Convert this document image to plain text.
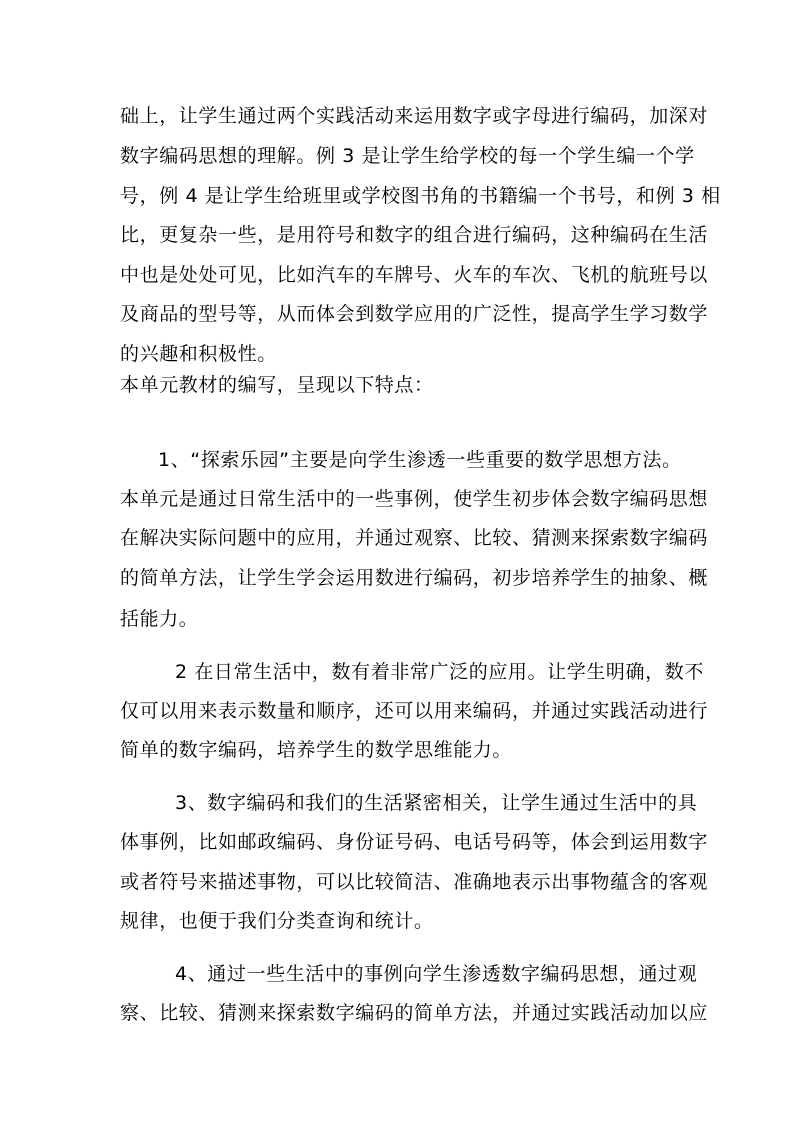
础上，让学生通过两个实践活动来运用数字或字母进行编码，加深对
数字编码思想的理解。例 3 是让学生给学校的每一个学生编一个学
号，例 4 是让学生给班里或学校图书角的书籍编一个书号，和例 3 相
比，更复杂一些，是用符号和数字的组合进行编码，这种编码在生活
中也是处处可见，比如汽车的车牌号、火车的车次、飞机的航班号以
及商品的型号等，从而体会到数学应用的广泛性，提高学生学习数学
的兴趣和积极性。
本单元教材的编写，呈现以下特点：
1、“探索乐园”主要是向学生渗透一些重要的数学思想方法。
本单元是通过日常生活中的一些事例，使学生初步体会数字编码思想
在解决实际问题中的应用，并通过观察、比较、猜测来探索数字编码
的简单方法，让学生学会运用数进行编码，初步培养学生的抽象、概
括能力。
2 在日常生活中，数有着非常广泛的应用。让学生明确，数不
仅可以用来表示数量和顺序，还可以用来编码，并通过实践活动进行
简单的数字编码，培养学生的数学思维能力。
3、数字编码和我们的生活紧密相关，让学生通过生活中的具
体事例，比如邮政编码、身份证号码、电话号码等，体会到运用数字
或者符号来描述事物，可以比较简洁、准确地表示出事物蕴含的客观
规律，也便于我们分类查询和统计。
4、通过一些生活中的事例向学生渗透数字编码思想，通过观
察、比较、猜测来探索数字编码的简单方法，并通过实践活动加以应
